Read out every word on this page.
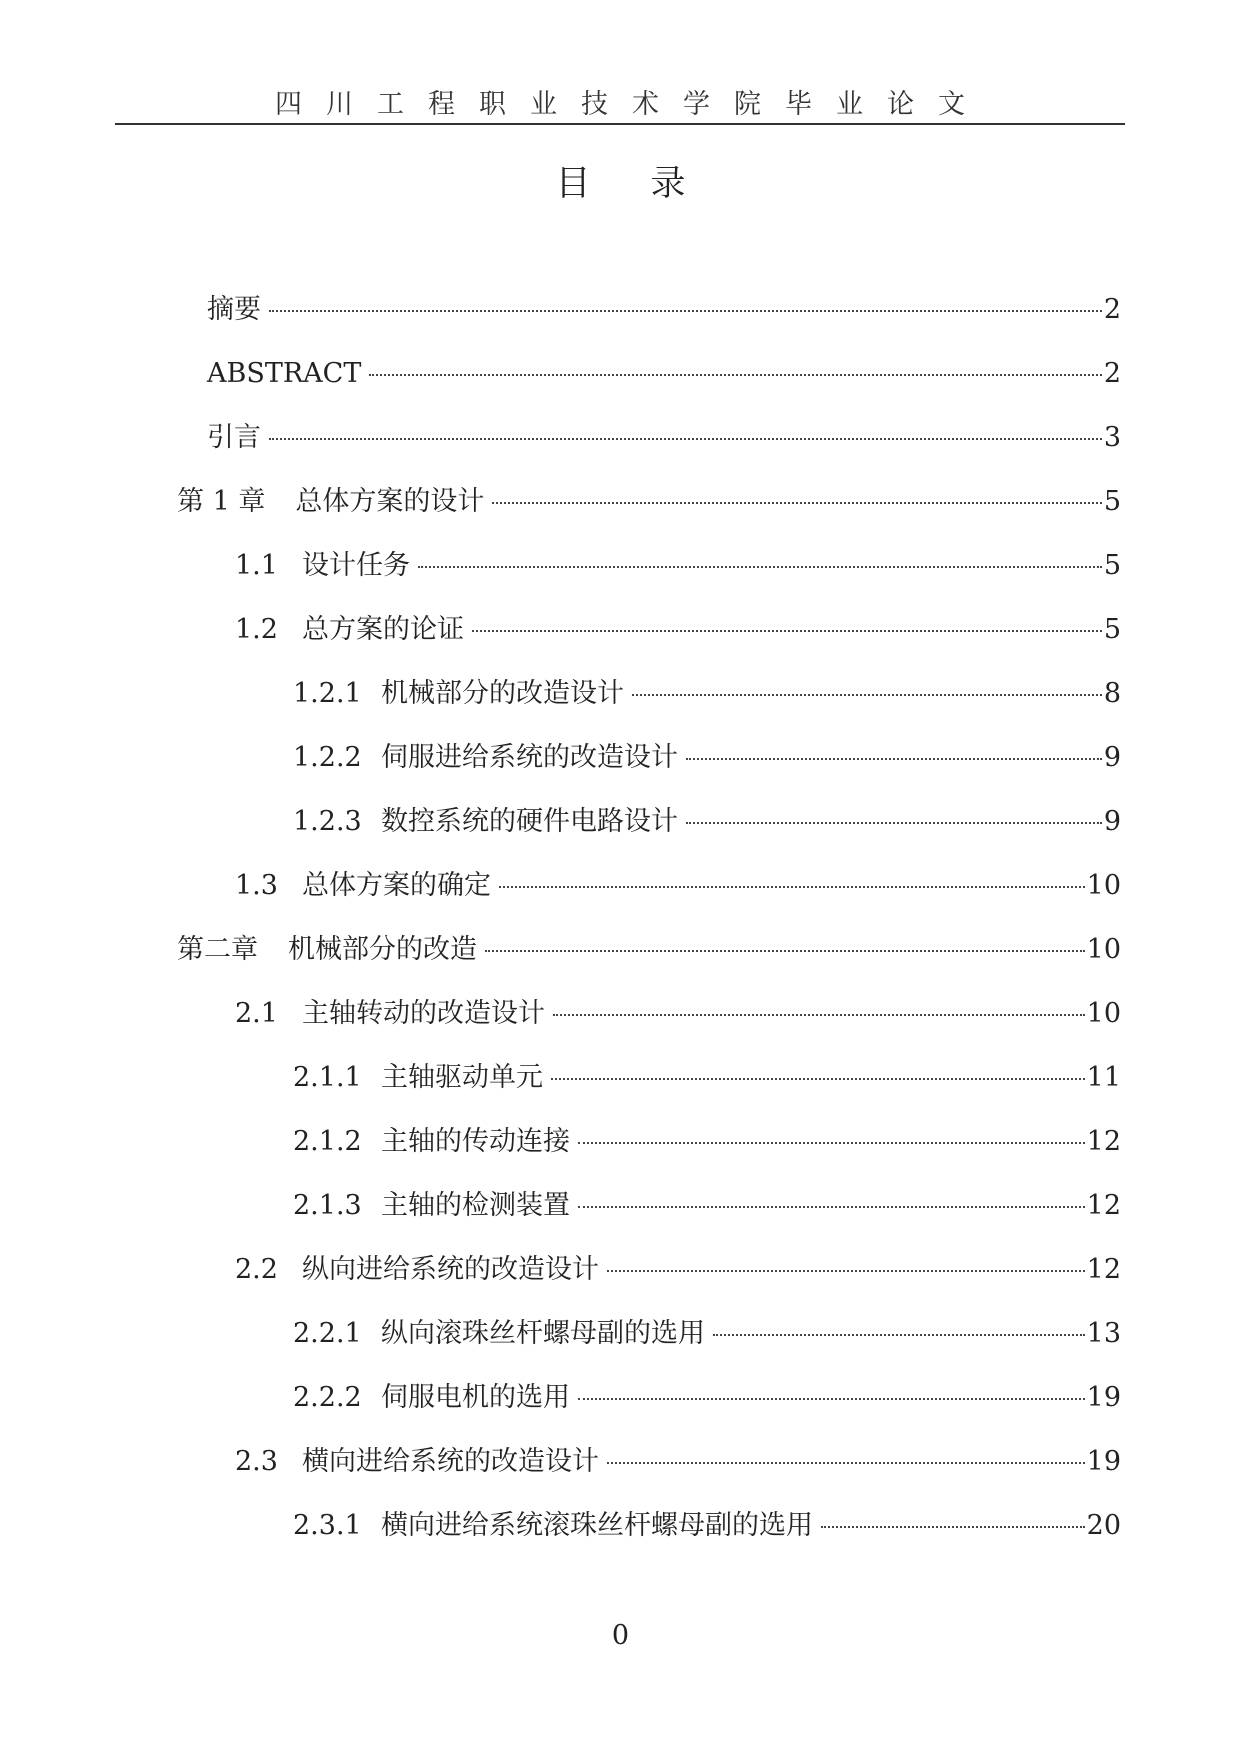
四川工程职业技术学院毕业论文
目录
摘要	2
ABSTRACT	2
引言	3
第 1 章 总体方案的设计	5
1.1 设计任务	5
1.2 总方案的论证	5
1.2.1 机械部分的改造设计	8
1.2.2 伺服进给系统的改造设计	9
1.2.3 数控系统的硬件电路设计	9
1.3 总体方案的确定	10
第二章 机械部分的改造	10
2.1 主轴转动的改造设计	10
2.1.1 主轴驱动单元	11
2.1.2 主轴的传动连接	12
2.1.3 主轴的检测装置	12
2.2 纵向进给系统的改造设计	12
2.2.1 纵向滚珠丝杆螺母副的选用	13
2.2.2 伺服电机的选用	19
2.3 横向进给系统的改造设计	19
2.3.1 横向进给系统滚珠丝杆螺母副的选用	20
0
